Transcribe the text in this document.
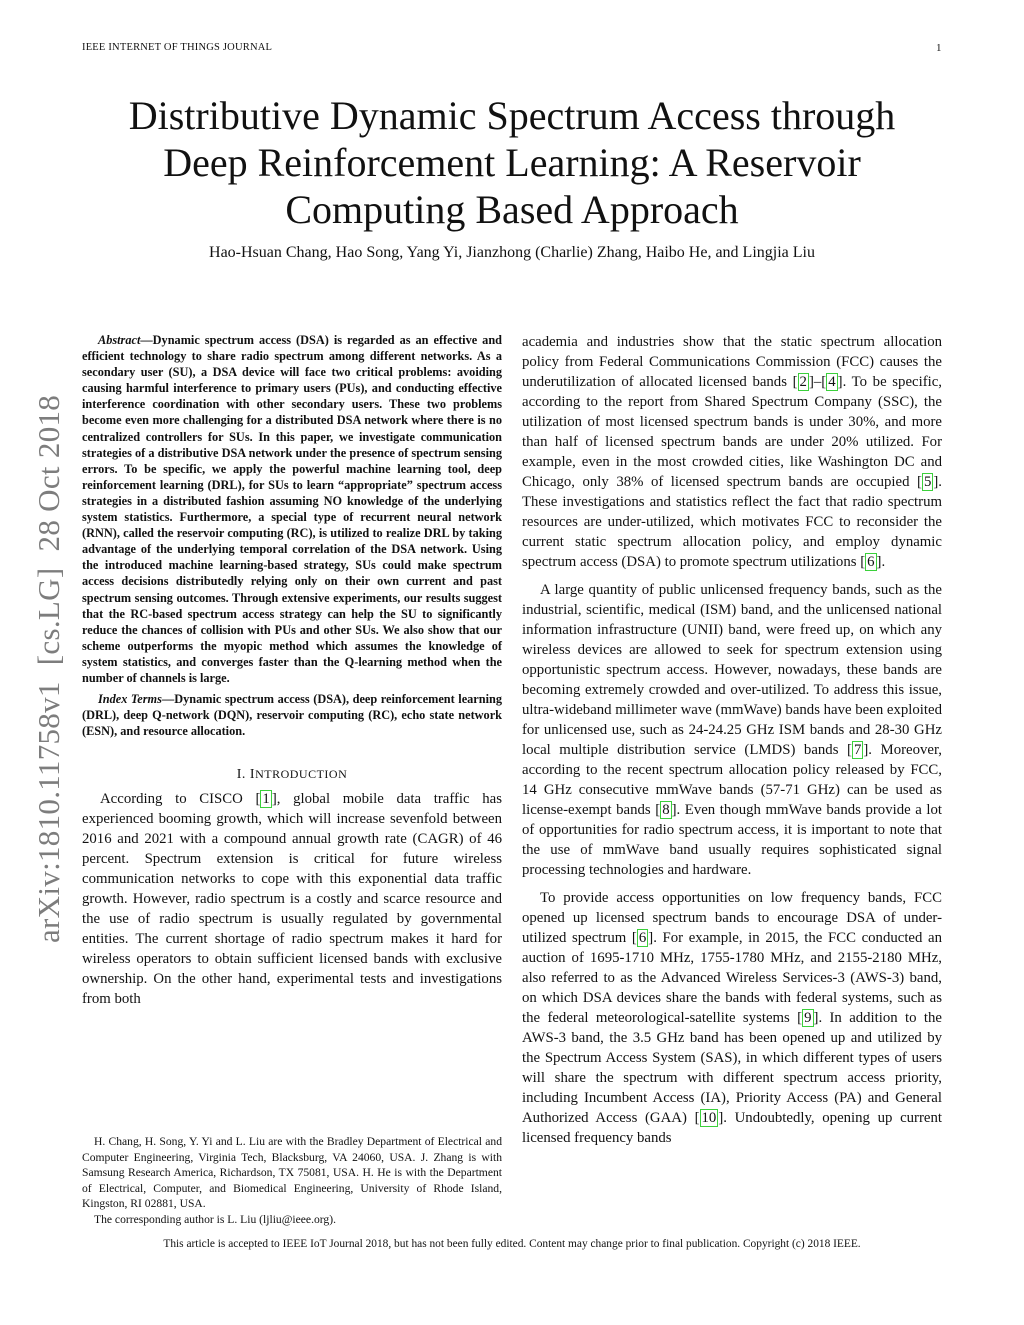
IEEE INTERNET OF THINGS JOURNAL	1
Distributive Dynamic Spectrum Access through
Deep Reinforcement Learning: A Reservoir
Computing Based Approach
Hao-Hsuan Chang, Hao Song, Yang Yi, Jianzhong (Charlie) Zhang, Haibo He, and Lingjia Liu
arXiv:1810.11758v1  [cs.LG]  28 Oct 2018

Abstract—Dynamic spectrum access (DSA) is regarded as an effective and efficient technology to share radio spectrum among different networks. As a secondary user (SU), a DSA device will face two critical problems: avoiding causing harmful interference to primary users (PUs), and conducting effective interference coordination with other secondary users. These two problems become even more challenging for a distributed DSA network where there is no centralized controllers for SUs. In this paper, we investigate communication strategies of a distributive DSA network under the presence of spectrum sensing errors. To be specific, we apply the powerful machine learning tool, deep reinforcement learning (DRL), for SUs to learn “appropriate” spectrum access strategies in a distributed fashion assuming NO knowledge of the underlying system statistics. Furthermore, a special type of recurrent neural network (RNN), called the reservoir computing (RC), is utilized to realize DRL by taking advantage of the underlying temporal correlation of the DSA network. Using the introduced machine learning-based strategy, SUs could make spectrum access decisions distributedly relying only on their own current and past spectrum sensing outcomes. Through extensive experiments, our results suggest that the RC-based spectrum access strategy can help the SU to significantly reduce the chances of collision with PUs and other SUs. We also show that our scheme outperforms the myopic method which assumes the knowledge of system statistics, and converges faster than the Q-learning method when the number of channels is large.

Index Terms—Dynamic spectrum access (DSA), deep reinforcement learning (DRL), deep Q-network (DQN), reservoir computing (RC), echo state network (ESN), and resource allocation.

I. INTRODUCTION

According to CISCO [ 1 ], global mobile data traffic has experienced booming growth, which will increase sevenfold between 2016 and 2021 with a compound annual growth rate (CAGR) of 46 percent. Spectrum extension is critical for future wireless communication networks to cope with this exponential data traffic growth. However, radio spectrum is a costly and scarce resource and the use of radio spectrum is usually regulated by governmental entities. The current shortage of radio spectrum makes it hard for wireless operators to obtain sufficient licensed bands with exclusive ownership. On the other hand, experimental tests and investigations from both

H. Chang, H. Song, Y. Yi and L. Liu are with the Bradley Department of Electrical and Computer Engineering, Virginia Tech, Blacksburg, VA 24060, USA. J. Zhang is with Samsung Research America, Richardson, TX 75081, USA. H. He is with the Department of Electrical, Computer, and Biomedical Engineering, University of Rhode Island, Kingston, RI 02881, USA.

The corresponding author is L. Liu (ljliu@ieee.org).

academia and industries show that the static spectrum allocation policy from Federal Communications Commission (FCC) causes the underutilization of allocated licensed bands [ 2 ]–[ 4 ]. To be specific, according to the report from Shared Spectrum Company (SSC), the utilization of most licensed spectrum bands is under 30%, and more than half of licensed spectrum bands are under 20% utilized. For example, even in the most crowded cities, like Washington DC and Chicago, only 38% of licensed spectrum bands are occupied [ 5 ]. These investigations and statistics reflect the fact that radio spectrum resources are under-utilized, which motivates FCC to reconsider the current static spectrum allocation policy, and employ dynamic spectrum access (DSA) to promote spectrum utilizations [ 6 ].

A large quantity of public unlicensed frequency bands, such as the industrial, scientific, medical (ISM) band, and the unlicensed national information infrastructure (UNII) band, were freed up, on which any wireless devices are allowed to seek for spectrum extension using opportunistic spectrum access. However, nowadays, these bands are becoming extremely crowded and over-utilized. To address this issue, ultra-wideband millimeter wave (mmWave) bands have been exploited for unlicensed use, such as 24-24.25 GHz ISM bands and 28-30 GHz local multiple distribution service (LMDS) bands [ 7 ]. Moreover, according to the recent spectrum allocation policy released by FCC, 14 GHz consecutive mmWave bands (57-71 GHz) can be used as license-exempt bands [ 8 ]. Even though mmWave bands provide a lot of opportunities for radio spectrum access, it is important to note that the use of mmWave band usually requires sophisticated signal processing technologies and hardware.

To provide access opportunities on low frequency bands, FCC opened up licensed spectrum bands to encourage DSA of under-utilized spectrum [ 6 ]. For example, in 2015, the FCC conducted an auction of 1695-1710 MHz, 1755-1780 MHz, and 2155-2180 MHz, also referred to as the Advanced Wireless Services-3 (AWS-3) band, on which DSA devices share the bands with federal systems, such as the federal meteorological-satellite systems [ 9 ]. In addition to the AWS-3 band, the 3.5 GHz band has been opened up and utilized by the Spectrum Access System (SAS), in which different types of users will share the spectrum with different spectrum access priority, including Incumbent Access (IA), Priority Access (PA) and General Authorized Access (GAA) [ 10 ]. Undoubtedly, opening up current licensed frequency bands

This article is accepted to IEEE IoT Journal 2018, but has not been fully edited. Content may change prior to final publication. Copyright (c) 2018 IEEE.
